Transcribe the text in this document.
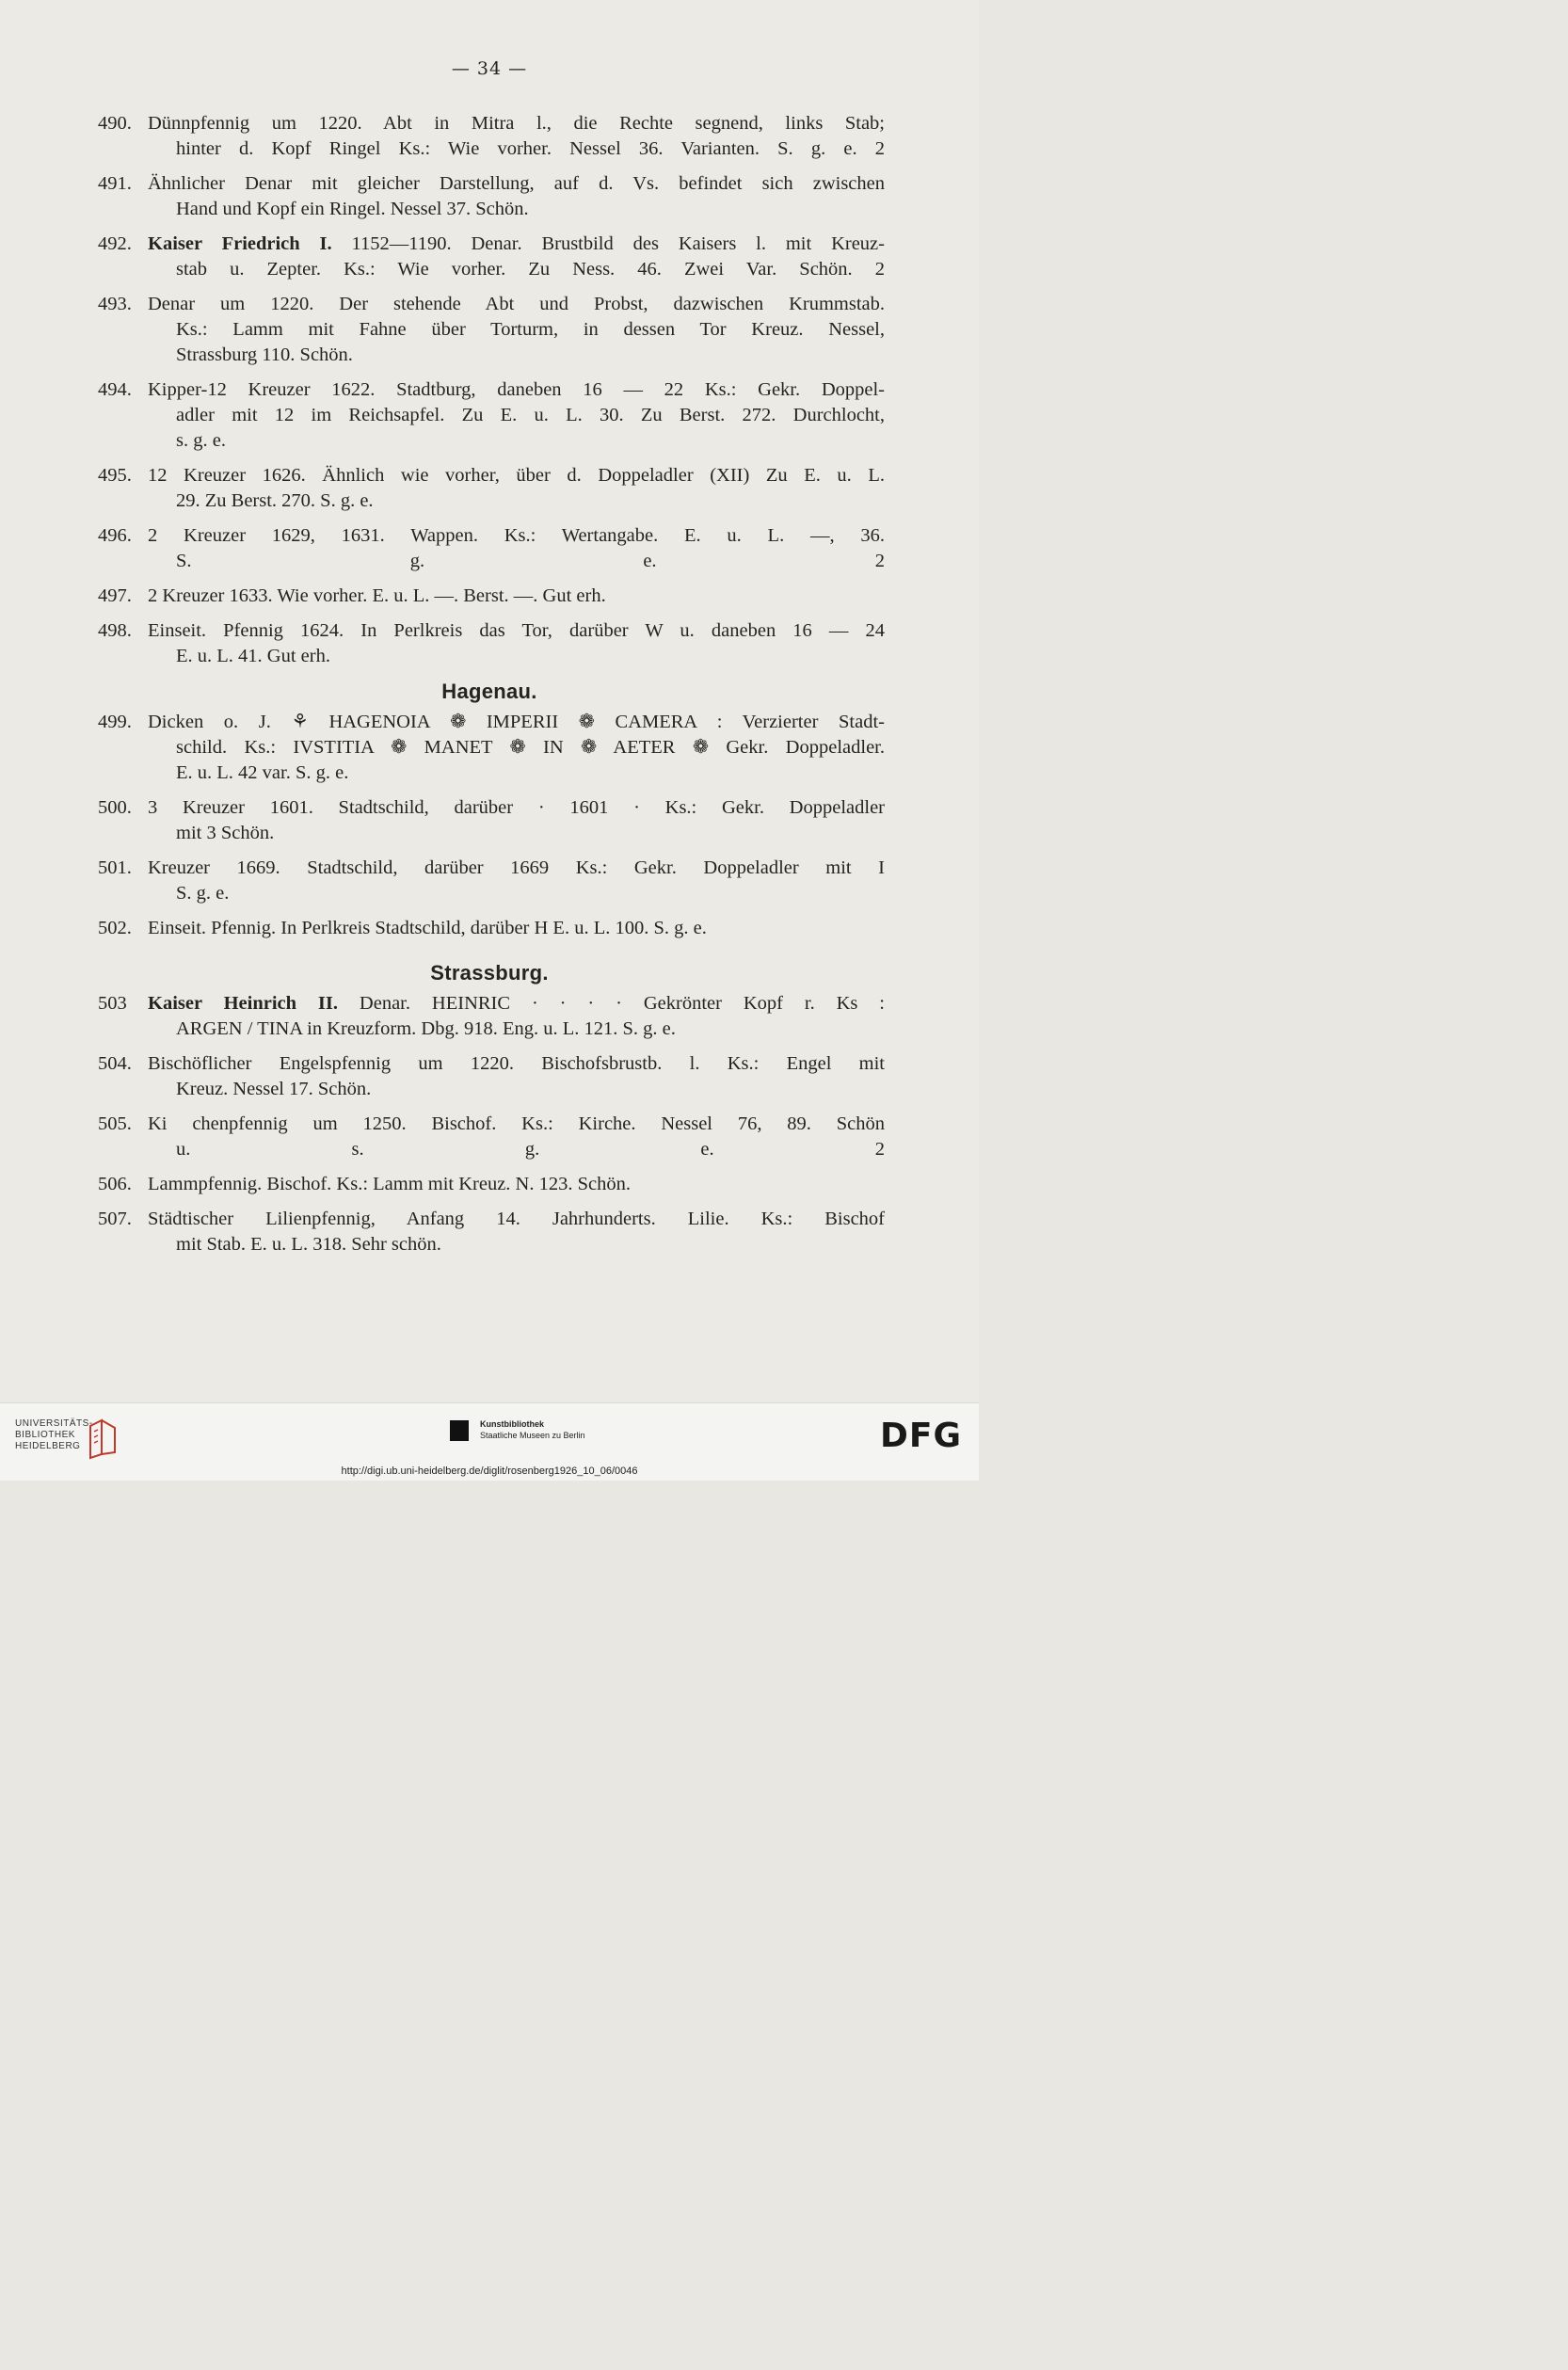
— 34 —
490. Dünnpfennig um 1220. Abt in Mitra l., die Rechte segnend, links Stab;
hinter d. Kopf Ringel Ks.: Wie vorher. Nessel 36. Varianten. S. g. e. 2
491. Ähnlicher Denar mit gleicher Darstellung, auf d. Vs. befindet sich zwischen
Hand und Kopf ein Ringel. Nessel 37. Schön.
492. Kaiser Friedrich I. 1152—1190. Denar. Brustbild des Kaisers l. mit Kreuz-
stab u. Zepter. Ks.: Wie vorher. Zu Ness. 46. Zwei Var. Schön. 2
493. Denar um 1220. Der stehende Abt und Probst, dazwischen Krummstab.
Ks.: Lamm mit Fahne über Torturm, in dessen Tor Kreuz. Nessel,
Strassburg 110. Schön.
494. Kipper-12 Kreuzer 1622. Stadtburg, daneben 16 — 22 Ks.: Gekr. Doppel-
adler mit 12 im Reichsapfel. Zu E. u. L. 30. Zu Berst. 272. Durchlocht,
s. g. e.
495. 12 Kreuzer 1626. Ähnlich wie vorher, über d. Doppeladler (XII) Zu E. u. L.
29. Zu Berst. 270. S. g. e.
496. 2 Kreuzer 1629, 1631. Wappen. Ks.: Wertangabe. E. u. L. —, 36.
S. g. e. 2
497. 2 Kreuzer 1633. Wie vorher. E. u. L. —. Berst. —. Gut erh.
498. Einseit. Pfennig 1624. In Perlkreis das Tor, darüber W u. daneben 16 — 24
E. u. L. 41. Gut erh.
Hagenau.
499. Dicken o. J. ⚘ HAGENOIA ❁ IMPERII ❁ CAMERA : Verzierter Stadt-
schild. Ks.: IVSTITIA ❁ MANET ❁ IN ❁ AETER ❁ Gekr. Doppeladler.
E. u. L. 42 var. S. g. e.
500. 3 Kreuzer 1601. Stadtschild, darüber · 1601 · Ks.: Gekr. Doppeladler
mit 3 Schön.
501. Kreuzer 1669. Stadtschild, darüber 1669 Ks.: Gekr. Doppeladler mit I
S. g. e.
502. Einseit. Pfennig. In Perlkreis Stadtschild, darüber H E. u. L. 100. S. g. e.
Strassburg.
503	Kaiser Heinrich II. Denar. HEINRIC · · · · Gekrönter Kopf r. Ks :
ARGEN / TINA in Kreuzform. Dbg. 918. Eng. u. L. 121. S. g. e.
504. Bischöflicher Engelspfennig um 1220. Bischofsbrustb. l. Ks.: Engel mit
Kreuz. Nessel 17. Schön.
505. Ki chenpfennig um 1250. Bischof. Ks.: Kirche. Nessel 76, 89. Schön
u. s. g. e. 2
506. Lammpfennig. Bischof. Ks.: Lamm mit Kreuz. N. 123. Schön.
507. Städtischer Lilienpfennig, Anfang 14. Jahrhunderts. Lilie. Ks.: Bischof
mit Stab. E. u. L. 318. Sehr schön.
UNIVERSITÄTS-
BIBLIOTHEK
HEIDELBERG
Kunstbibliothek
Staatliche Museen zu Berlin	DFG
http://digi.ub.uni-heidelberg.de/diglit/rosenberg1926_10_06/0046
